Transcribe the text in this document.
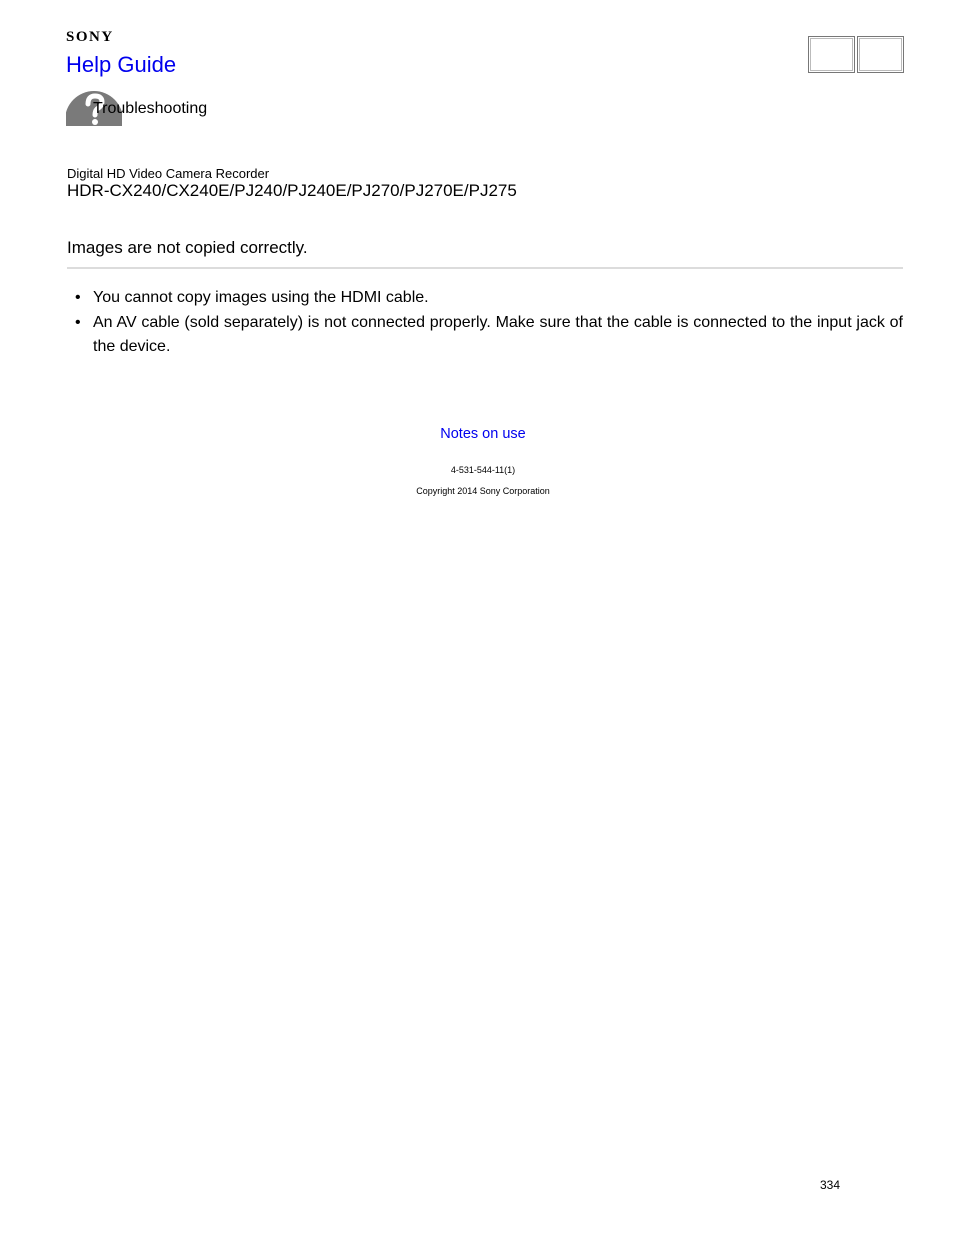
SONY
Help Guide
Troubleshooting
Digital HD Video Camera Recorder
HDR-CX240/CX240E/PJ240/PJ240E/PJ270/PJ270E/PJ275
Images are not copied correctly.
• You cannot copy images using the HDMI cable.
• An AV cable (sold separately) is not connected properly. Make sure that the cable is connected to the input jack of the device.
Notes on use
4-531-544-11(1)
Copyright 2014 Sony Corporation
334
